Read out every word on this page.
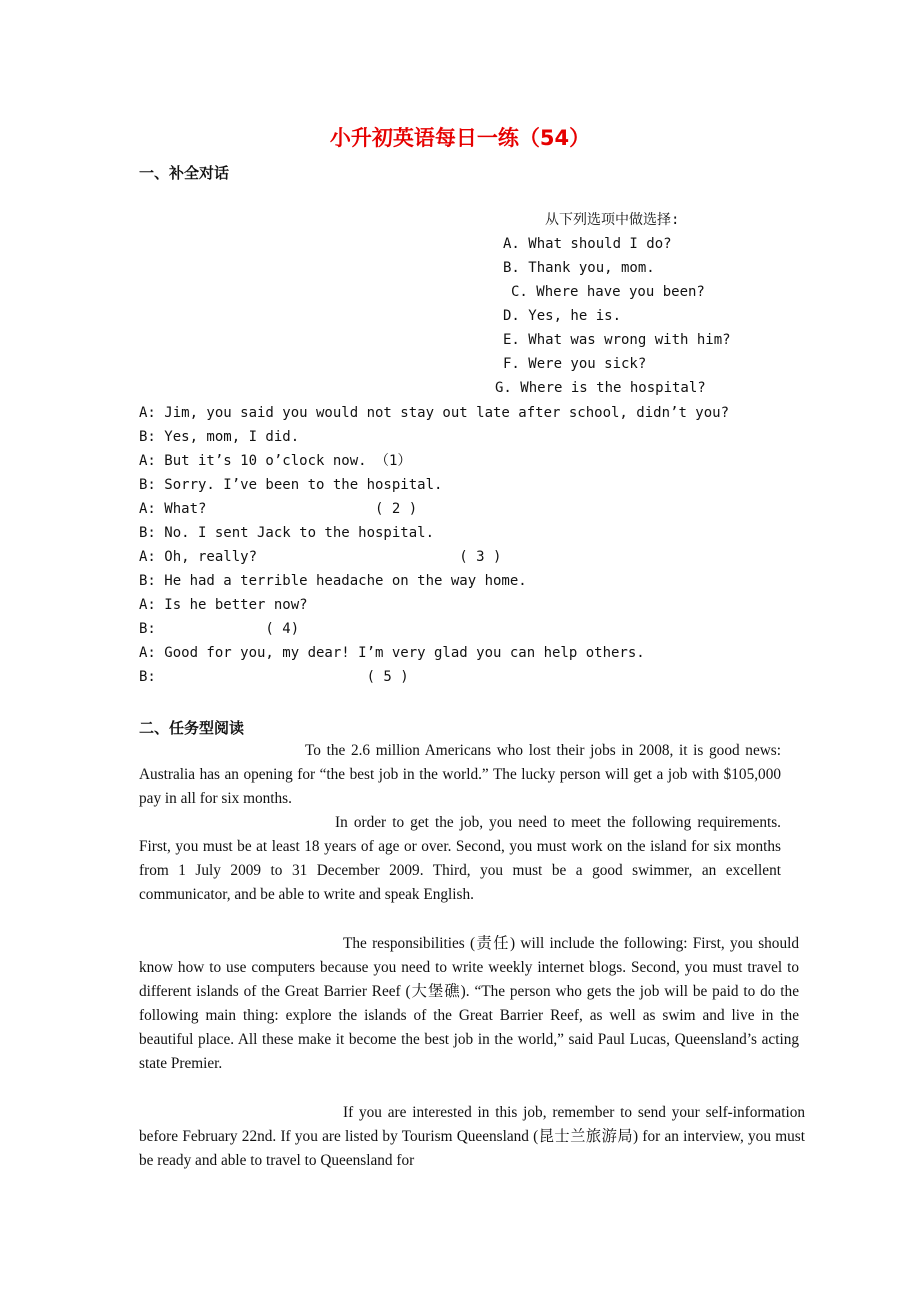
小升初英语每日一练（54）
一、补全对话
从下列选项中做选择:
A. What should I do?
B. Thank you, mom.
C. Where have you been?
D. Yes, he is.
E. What was wrong with him?
F. Were you sick?
G. Where is the hospital?
A: Jim, you said you would not stay out late after school, didn’t you?
B: Yes, mom, I did.
A: But it’s 10 o’clock now. （1）
B: Sorry. I’ve been to the hospital.
A: What?                    ( 2 )
B: No. I sent Jack to the hospital.
A: Oh, really?                        ( 3 )
B: He had a terrible headache on the way home.
A: Is he better now?
B:             ( 4)
A: Good for you, my dear! I’m very glad you can help others.
B:                         ( 5 )
二、任务型阅读
To the 2.6 million Americans who lost their jobs in 2008, it is good news: Australia has an opening for “the best job in the world.” The lucky person will get a job with $105,000 pay in all for six months.
In order to get the job, you need to meet the following requirements. First, you must be at least 18 years of age or over. Second, you must work on the island for six months from 1 July 2009 to 31 December 2009. Third, you must be a good swimmer, an excellent communicator, and be able to write and speak English.
The responsibilities (责任) will include the following: First, you should know how to use computers because you need to write weekly internet blogs. Second, you must travel to different islands of the Great Barrier Reef (大堡礁). “The person who gets the job will be paid to do the following main thing: explore the islands of the Great Barrier Reef, as well as swim and live in the beautiful place. All these make it become the best job in the world,” said Paul Lucas, Queensland’s acting state Premier.
If you are interested in this job, remember to send your self-information before February 22nd. If you are listed by Tourism Queensland (昆士兰旅游局) for an interview, you must be ready and able to travel to Queensland for
